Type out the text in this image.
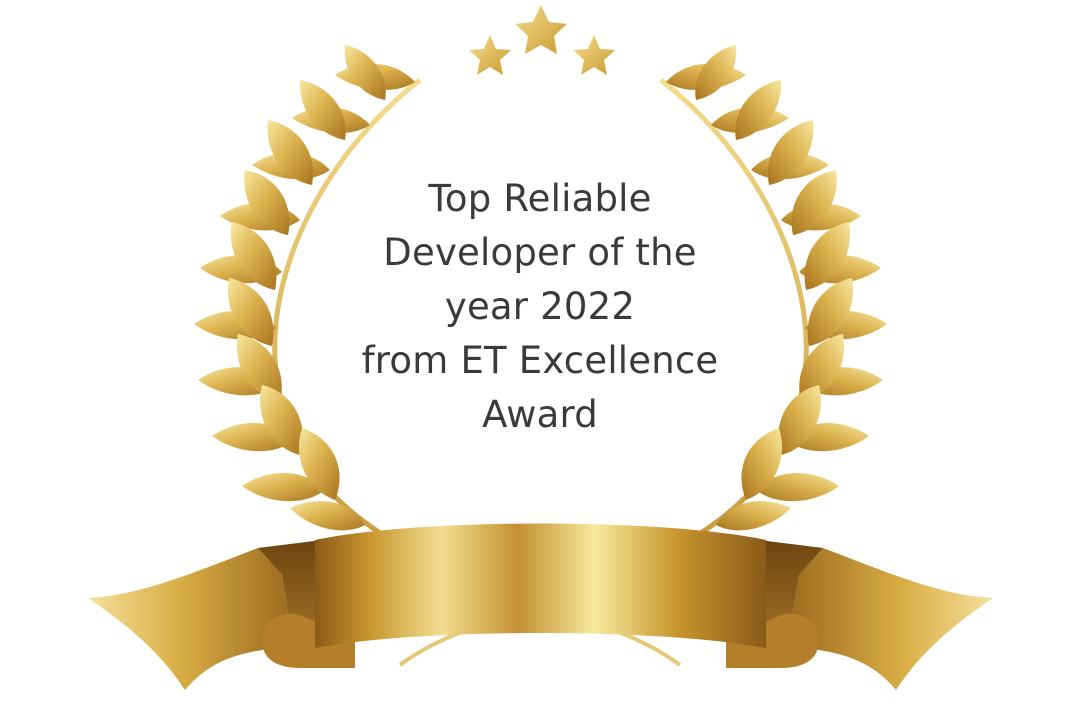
Top Reliable
Developer of the
year 2022
from ET Excellence
Award
